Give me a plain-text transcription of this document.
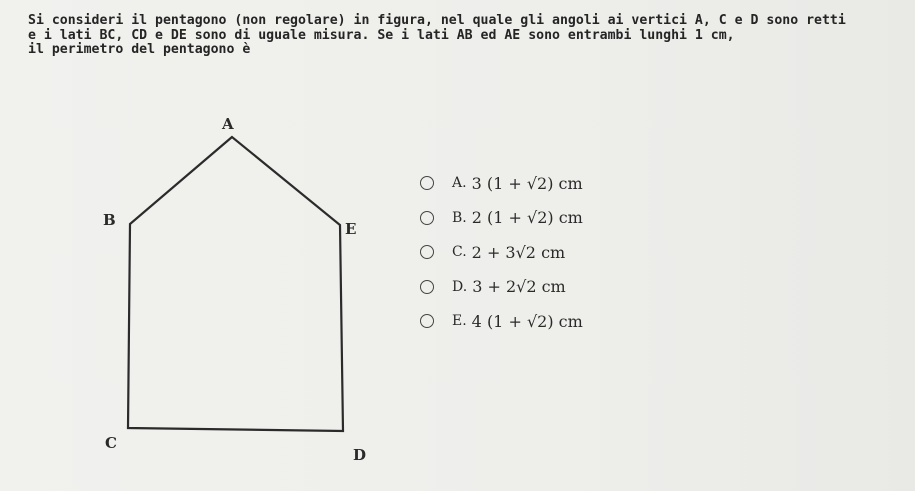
Si consideri il pentagono (non regolare) in figura, nel quale gli angoli ai vertici A, C e D sono retti

e i lati BC, CD e DE sono di uguale misura. Se i lati AB ed AE sono entrambi lunghi 1 cm,

il perimetro del pentagono è

A
B
C
D
E
A. 3 (1 + √2) cm
B. 2 (1 + √2) cm
C. 2 + 3√2 cm
D. 3 + 2√2 cm
E. 4 (1 + √2) cm
